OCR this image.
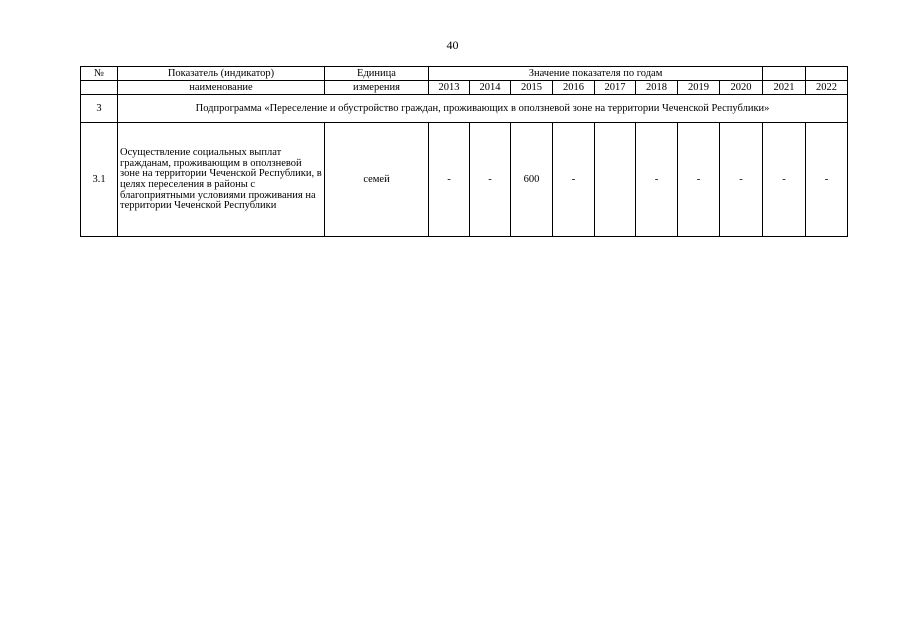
40
№	Показатель (индикатор)	Единица	Значение показателя по годам									
	наименование	измерения	2013	2014	2015	2016	2017	2018	2019	2020	2021	2022
3	Подпрограмма «Переселение и обустройство граждан, проживающих в оползневой зоне на территории Чеченской Республики»											
3.1	Осуществление социальных выплат гражданам, проживающим в оползневой зоне на территории Чеченской Республики, в целях переселения в районы с благоприятными условиями проживания на территории Чеченской Республики	семей	-	-	600	-		-	-	-	-	-
